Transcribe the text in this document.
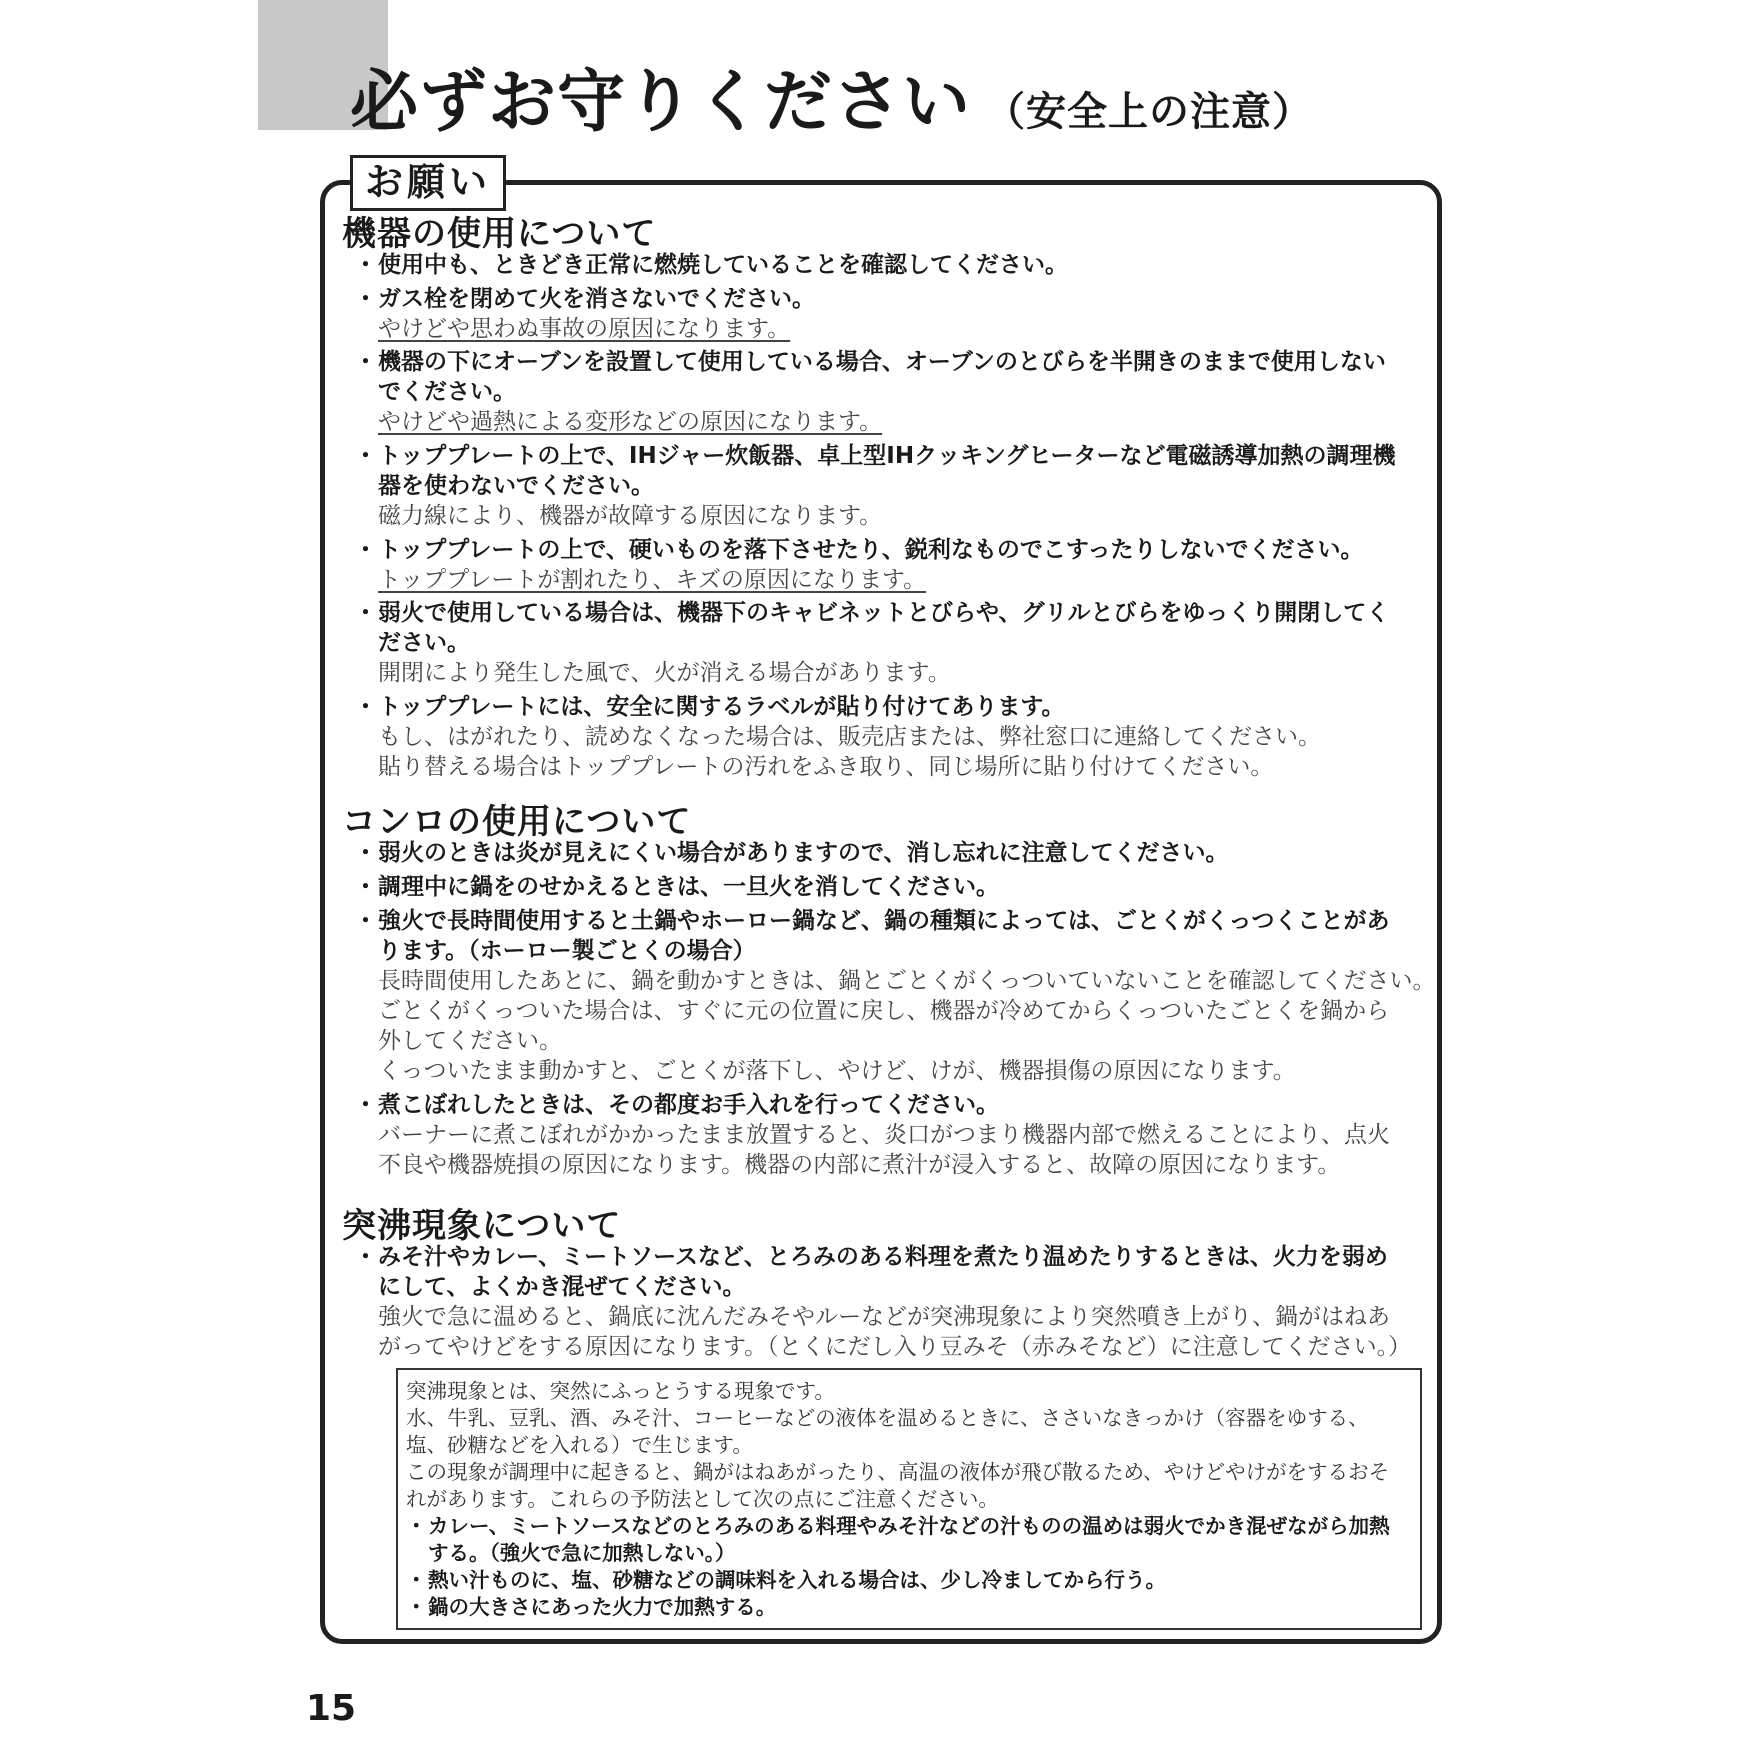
必ずお守りください （安全上の注意）
お願い
機器の使用について
・ 使用中も、ときどき正常に燃焼していることを確認してください。
・ ガス栓を閉めて火を消さないでください。
やけどや思わぬ事故の原因になります。
・ 機器の下にオーブンを設置して使用している場合、オーブンのとびらを半開きのままで使用しない
でください。
やけどや過熱による変形などの原因になります。
・ トッププレートの上で、IHジャー炊飯器、卓上型IHクッキングヒーターなど電磁誘導加熱の調理機
器を使わないでください。
磁力線により、機器が故障する原因になります。
・ トッププレートの上で、硬いものを落下させたり、鋭利なものでこすったりしないでください。
トッププレートが割れたり、キズの原因になります。
・ 弱火で使用している場合は、機器下のキャビネットとびらや、グリルとびらをゆっくり開閉してく
ださい。
開閉により発生した風で、火が消える場合があります。
・ トッププレートには、安全に関するラベルが貼り付けてあります。
もし、はがれたり、読めなくなった場合は、販売店または、弊社窓口に連絡してください。
貼り替える場合はトッププレートの汚れをふき取り、同じ場所に貼り付けてください。
コンロの使用について
・ 弱火のときは炎が見えにくい場合がありますので、消し忘れに注意してください。
・ 調理中に鍋をのせかえるときは、一旦火を消してください。
・ 強火で長時間使用すると土鍋やホーロー鍋など、鍋の種類によっては、ごとくがくっつくことがあ
ります。（ホーロー製ごとくの場合）
長時間使用したあとに、鍋を動かすときは、鍋とごとくがくっついていないことを確認してください。
ごとくがくっついた場合は、すぐに元の位置に戻し、機器が冷めてからくっついたごとくを鍋から
外してください。
くっついたまま動かすと、ごとくが落下し、やけど、けが、機器損傷の原因になります。
・ 煮こぼれしたときは、その都度お手入れを行ってください。
バーナーに煮こぼれがかかったまま放置すると、炎口がつまり機器内部で燃えることにより、点火
不良や機器焼損の原因になります。機器の内部に煮汁が浸入すると、故障の原因になります。
突沸現象について
・ みそ汁やカレー、ミートソースなど、とろみのある料理を煮たり温めたりするときは、火力を弱め
にして、よくかき混ぜてください。
強火で急に温めると、鍋底に沈んだみそやルーなどが突沸現象により突然噴き上がり、鍋がはねあ
がってやけどをする原因になります。（とくにだし入り豆みそ（赤みそなど）に注意してください。）
突沸現象とは、突然にふっとうする現象です。
水、牛乳、豆乳、酒、みそ汁、コーヒーなどの液体を温めるときに、ささいなきっかけ（容器をゆする、
塩、砂糖などを入れる）で生じます。
この現象が調理中に起きると、鍋がはねあがったり、高温の液体が飛び散るため、やけどやけがをするおそ
れがあります。これらの予防法として次の点にご注意ください。
・ カレー、ミートソースなどのとろみのある料理やみそ汁などの汁ものの温めは弱火でかき混ぜながら加熱
する。（強火で急に加熱しない。）
・ 熱い汁ものに、塩、砂糖などの調味料を入れる場合は、少し冷ましてから行う。
・ 鍋の大きさにあった火力で加熱する。
15
